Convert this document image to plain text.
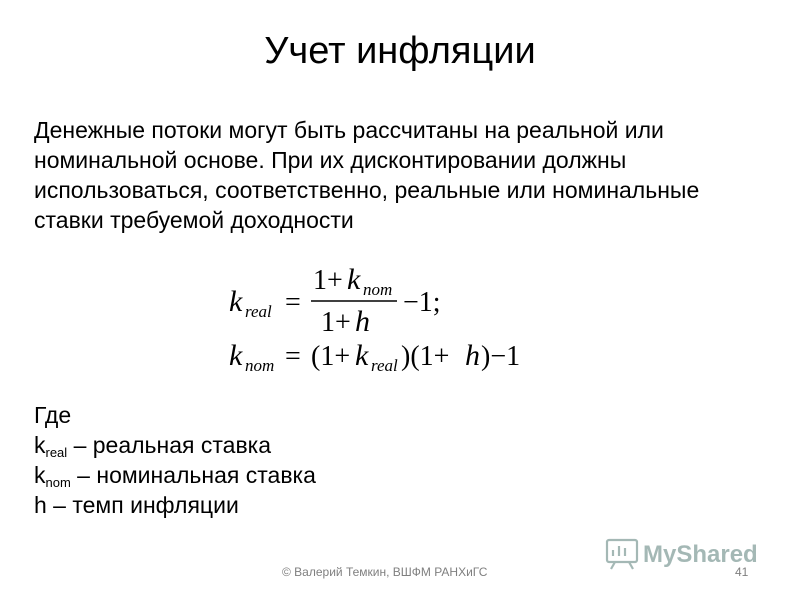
Учет инфляции

Денежные потоки могут быть рассчитаны на реальной или номинальной основе. При их дисконтировании должны использоваться, соответственно, реальные или номинальные ставки требуемой доходности

k real =
1+ k nom
1+ h
−1;
k nom = (1+ k real )(1+ h )−1
Где
$k_{real}$ – реальная ставка
$k_{nom}$ – номинальная ставка
h – темп инфляции
MyShared
© Валерий Темкин, ВШФМ РАНХиГС	41
